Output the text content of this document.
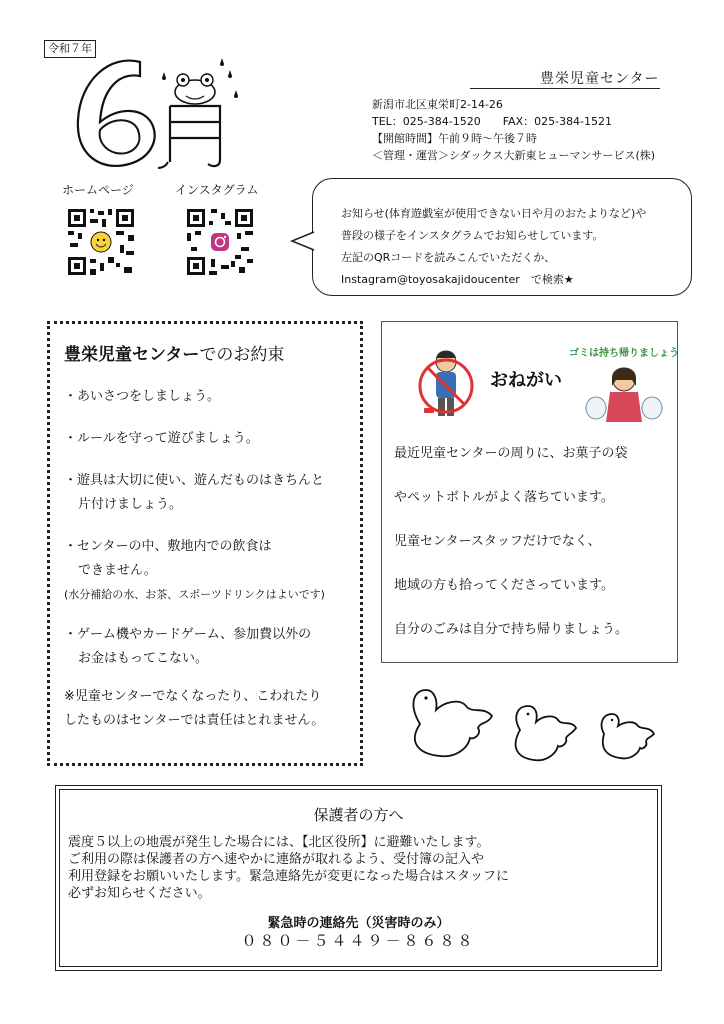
令和７年
豊栄児童センター
新潟市北区東栄町2-14-26
TEL：025-384-1520　　FAX：025-384-1521
【開館時間】午前９時～午後７時
＜管理・運営＞シダックス大新東ヒューマンサービス(株)
ホームページ	インスタグラム
お知らせ(体育遊戯室が使用できない日や月のおたよりなど)や
普段の様子をインスタグラムでお知らせしています。
左記のQRコードを読みこんでいただくか、
Instagram@toyosakajidoucenter　で検索★
豊栄児童センターでのお約束

・あいさつをしましょう。

・ルールを守って遊びましょう。

・遊具は大切に使い、遊んだものはきちんと

片付けましょう。

・センターの中、敷地内での飲食は

できません。

(水分補給の水、お茶、スポーツドリンクはよいです)

・ゲーム機やカードゲーム、参加費以外の

お金はもってこない。

※児童センターでなくなったり、こわれたり

したものはセンターでは責任はとれません。

おねがい
ゴミは持ち帰りましょう
最近児童センターの周りに、お菓子の袋
やペットボトルがよく落ちています。
児童センタースタッフだけでなく、
地域の方も拾ってくださっています。
自分のごみは自分で持ち帰りましょう。
保護者の方へ
震度５以上の地震が発生した場合には、【北区役所】に避難いたします。
ご利用の際は保護者の方へ速やかに連絡が取れるよう、受付簿の記入や
利用登録をお願いいたします。緊急連絡先が変更になった場合はスタッフに
必ずお知らせください。
緊急時の連絡先（災害時のみ）
０８０－５４４９－８６８８
